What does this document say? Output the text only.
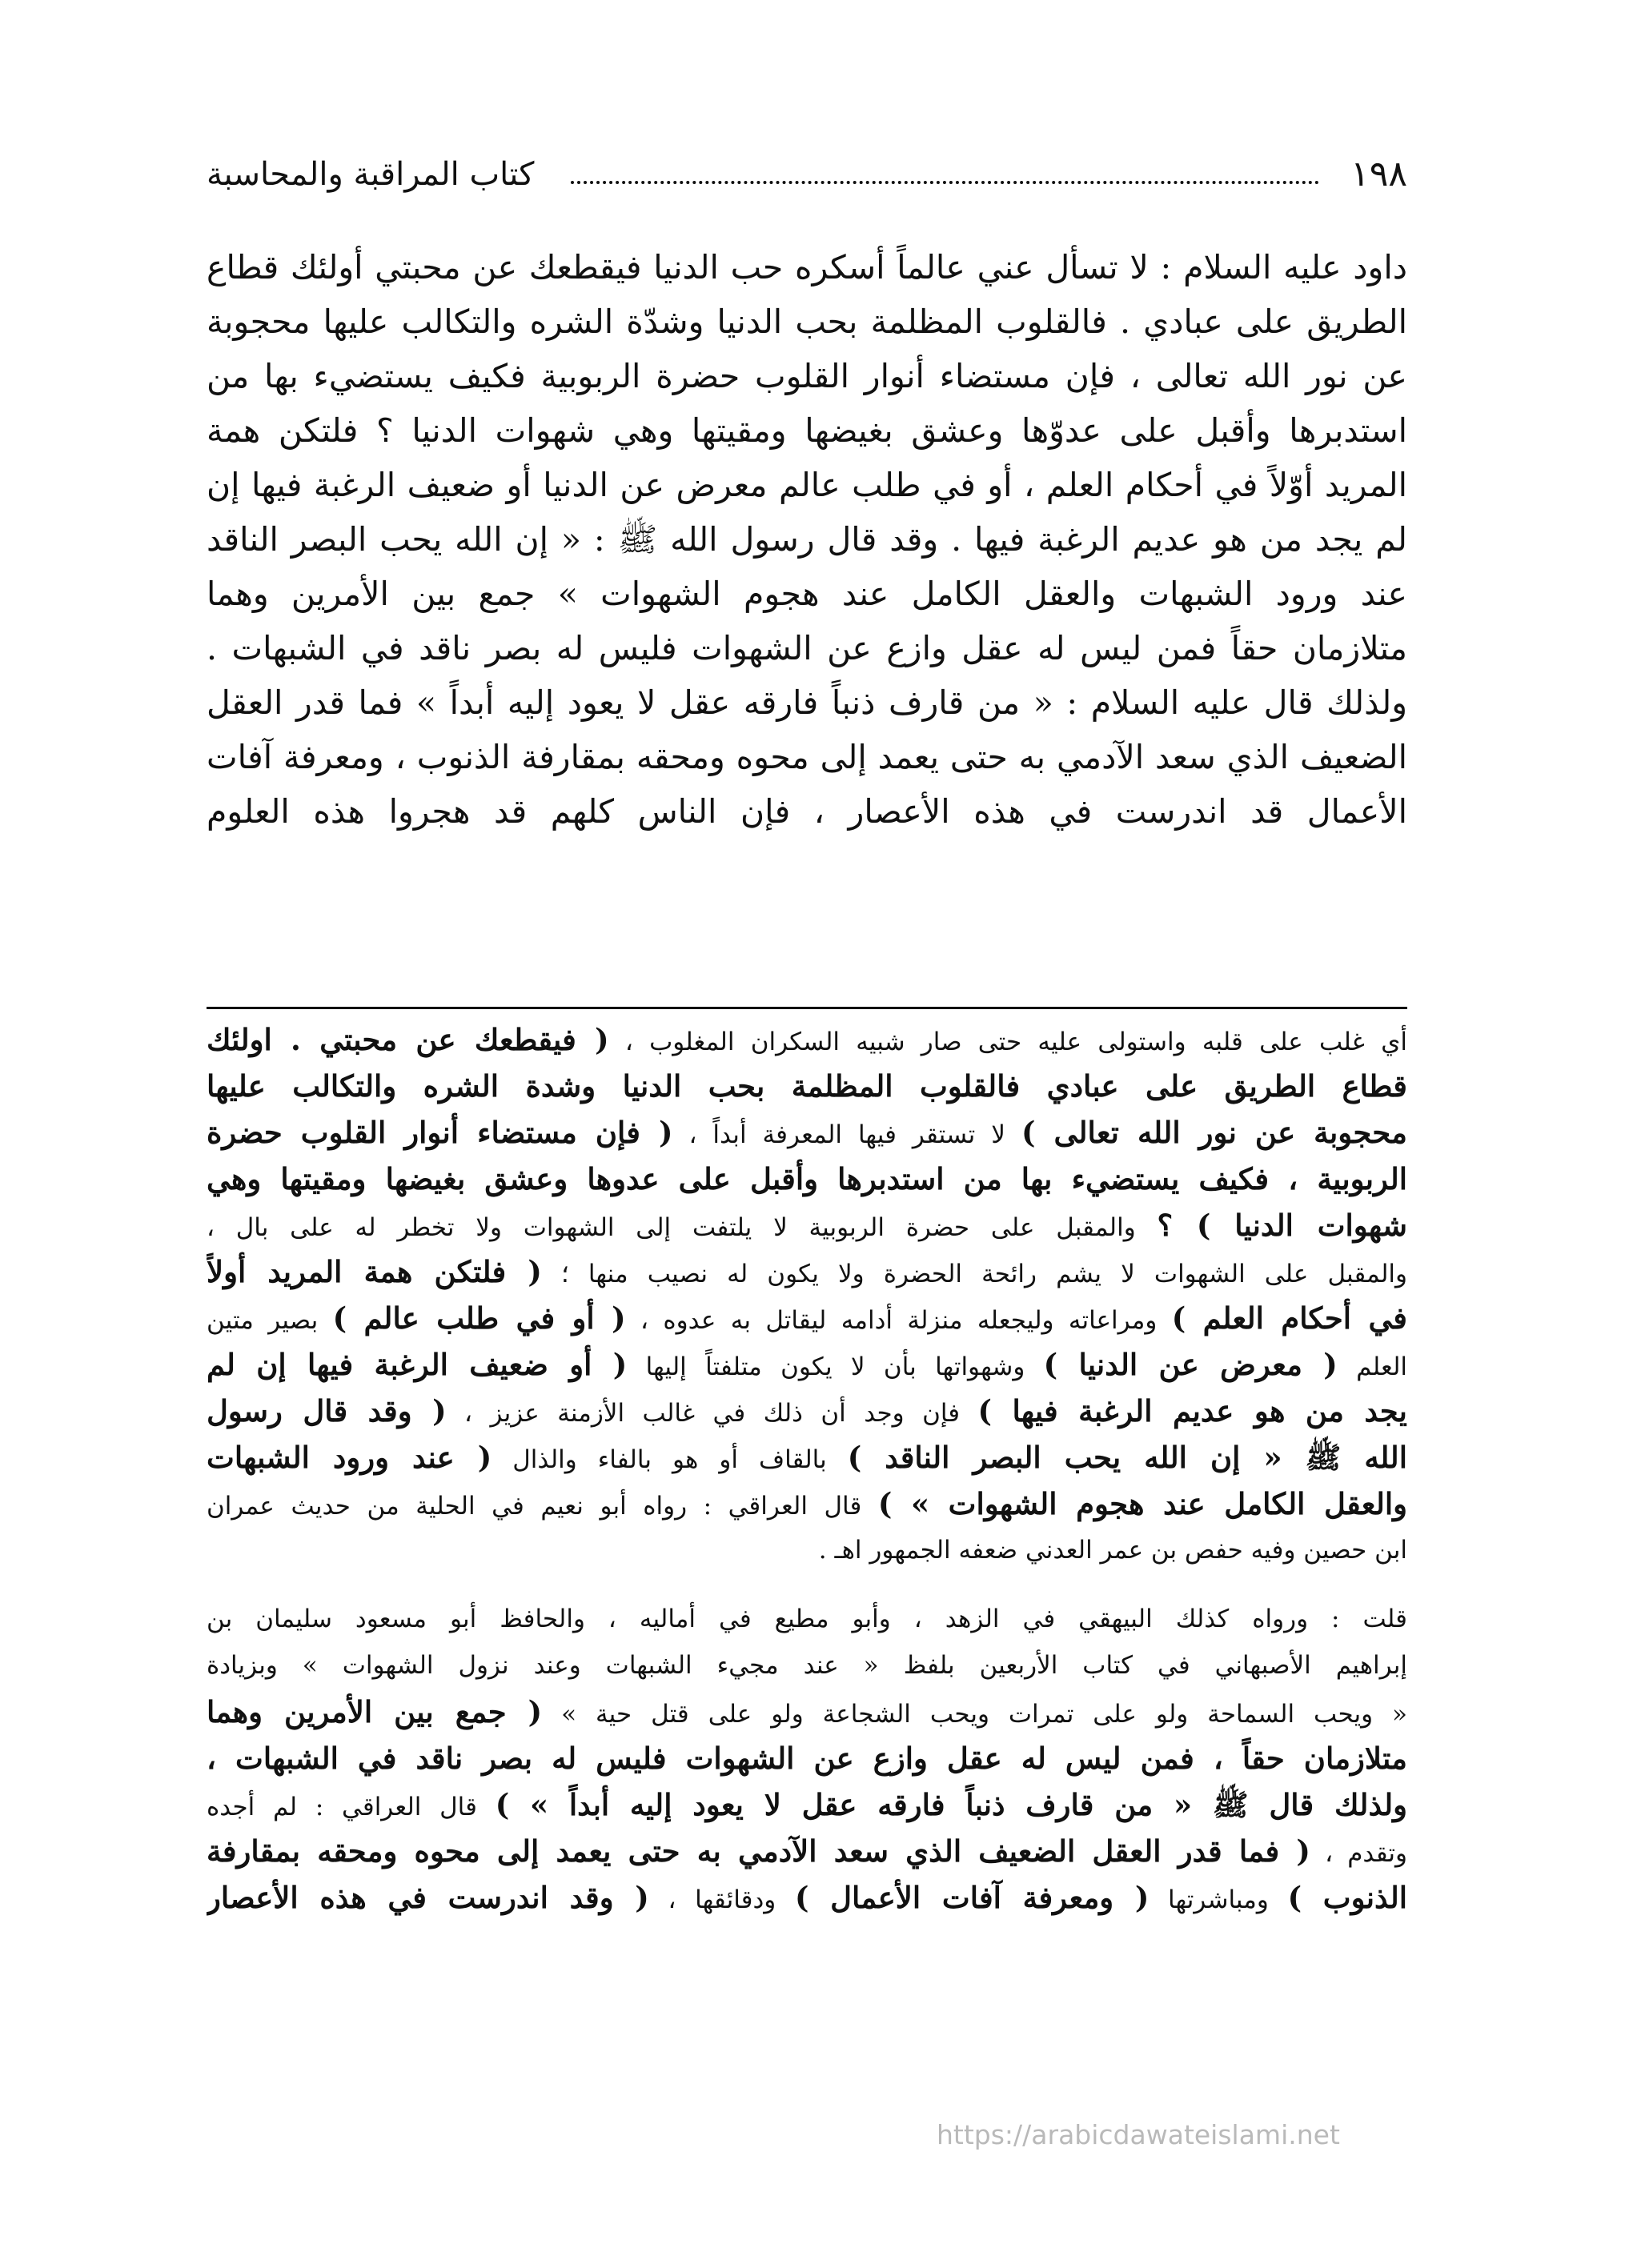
١٩٨
كتاب المراقبة والمحاسبة
داود عليه السلام : لا تسأل عني عالماً أسكره حب الدنيا فيقطعك عن محبتي أولئك قطاع
الطريق على عبادي . فالقلوب المظلمة بحب الدنيا وشدّة الشره والتكالب عليها محجوبة
عن نور الله تعالى ، فإن مستضاء أنوار القلوب حضرة الربوبية فكيف يستضيء بها من
استدبرها وأقبل على عدوّها وعشق بغيضها ومقيتها وهي شهوات الدنيا ؟ فلتكن همة
المريد أوّلاً في أحكام العلم ، أو في طلب عالم معرض عن الدنيا أو ضعيف الرغبة فيها إن
لم يجد من هو عديم الرغبة فيها . وقد قال رسول الله ﷺ : « إن الله يحب البصر الناقد
عند ورود الشبهات والعقل الكامل عند هجوم الشهوات » جمع بين الأمرين وهما
متلازمان حقاً فمن ليس له عقل وازع عن الشهوات فليس له بصر ناقد في الشبهات .
ولذلك قال عليه السلام : « من قارف ذنباً فارقه عقل لا يعود إليه أبداً » فما قدر العقل
الضعيف الذي سعد الآدمي به حتى يعمد إلى محوه ومحقه بمقارفة الذنوب ، ومعرفة آفات
الأعمال قد اندرست في هذه الأعصار ، فإن الناس كلهم قد هجروا هذه العلوم
أي غلب على قلبه واستولى عليه حتى صار شبيه السكران المغلوب ، ( فيقطعك عن محبتي . اولئك
قطاع الطريق على عبادي فالقلوب المظلمة بحب الدنيا وشدة الشره والتكالب عليها
محجوبة عن نور الله تعالى ) لا تستقر فيها المعرفة أبداً ، ( فإن مستضاء أنوار القلوب حضرة
الربوبية ، فكيف يستضيء بها من استدبرها وأقبل على عدوها وعشق بغيضها ومقيتها وهي
شهوات الدنيا ) ؟ والمقبل على حضرة الربوبية لا يلتفت إلى الشهوات ولا تخطر له على بال ،
والمقبل على الشهوات لا يشم رائحة الحضرة ولا يكون له نصيب منها ؛ ( فلتكن همة المريد أولاً
في أحكام العلم ) ومراعاته وليجعله منزلة أدامه ليقاتل به عدوه ، ( أو في طلب عالم ) بصير متين
العلم ( معرض عن الدنيا ) وشهواتها بأن لا يكون متلفتاً إليها ( أو ضعيف الرغبة فيها إن لم
يجد من هو عديم الرغبة فيها ) فإن وجد أن ذلك في غالب الأزمنة عزيز ، ( وقد قال رسول
الله ﷺ « إن الله يحب البصر الناقد ) بالقاف أو هو بالفاء والذال ( عند ورود الشبهات
والعقل الكامل عند هجوم الشهوات » ) قال العراقي : رواه أبو نعيم في الحلية من حديث عمران
ابن حصين وفيه حفص بن عمر العدني ضعفه الجمهور اهـ .
قلت : ورواه كذلك البيهقي في الزهد ، وأبو مطيع في أماليه ، والحافظ أبو مسعود سليمان بن
إبراهيم الأصبهاني في كتاب الأربعين بلفظ « عند مجيء الشبهات وعند نزول الشهوات » وبزيادة
« ويحب السماحة ولو على تمرات ويحب الشجاعة ولو على قتل حية » ( جمع بين الأمرين وهما
متلازمان حقاً ، فمن ليس له عقل وازع عن الشهوات فليس له بصر ناقد في الشبهات ،
ولذلك قال ﷺ « من قارف ذنباً فارقه عقل لا يعود إليه أبداً » ) قال العراقي : لم أجده
وتقدم ، ( فما قدر العقل الضعيف الذي سعد الآدمي به حتى يعمد إلى محوه ومحقه بمقارفة
الذنوب ) ومباشرتها ( ومعرفة آفات الأعمال ) ودقائقها ، ( وقد اندرست في هذه الأعصار
https://arabicdawateislami.net
